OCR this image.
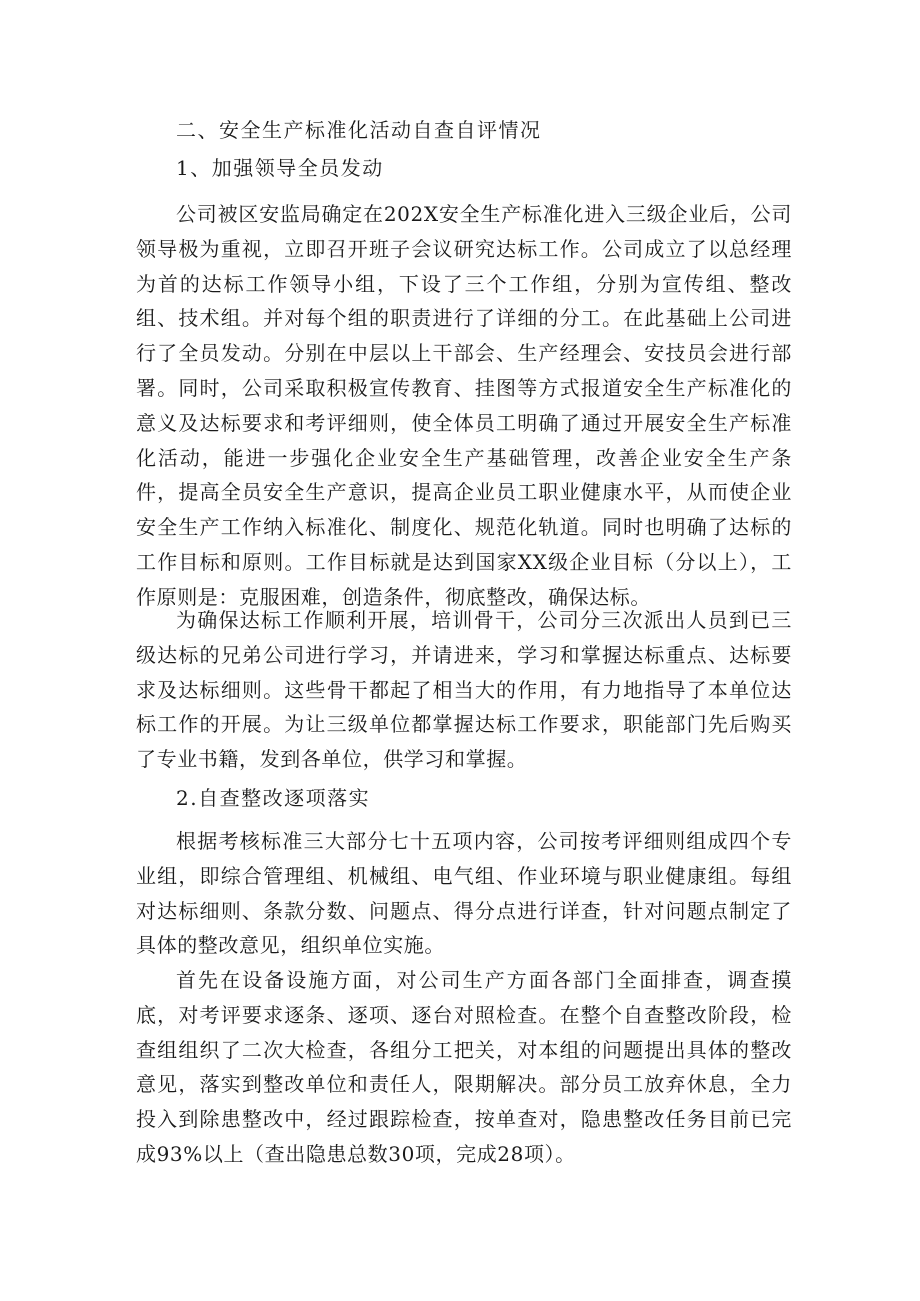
二、安全生产标准化活动自查自评情况
1、加强领导全员发动

公司被区安监局确定在202X安全生产标准化进入三级企业后，公司领导极为重视，立即召开班子会议研究达标工作。公司成立了以总经理为首的达标工作领导小组，下设了三个工作组，分别为宣传组、整改组、技术组。并对每个组的职责进行了详细的分工。在此基础上公司进行了全员发动。分别在中层以上干部会、生产经理会、安技员会进行部署。同时，公司采取积极宣传教育、挂图等方式报道安全生产标准化的意义及达标要求和考评细则，使全体员工明确了通过开展安全生产标准化活动，能进一步强化企业安全生产基础管理，改善企业安全生产条件，提高全员安全生产意识，提高企业员工职业健康水平，从而使企业安全生产工作纳入标准化、制度化、规范化轨道。同时也明确了达标的工作目标和原则。工作目标就是达到国家XX级企业目标（分以上），工作原则是：克服困难，创造条件，彻底整改，确保达标。

为确保达标工作顺利开展，培训骨干，公司分三次派出人员到已三级达标的兄弟公司进行学习，并请进来，学习和掌握达标重点、达标要求及达标细则。这些骨干都起了相当大的作用，有力地指导了本单位达标工作的开展。为让三级单位都掌握达标工作要求，职能部门先后购买了专业书籍，发到各单位，供学习和掌握。

2.自查整改逐项落实

根据考核标准三大部分七十五项内容，公司按考评细则组成四个专业组，即综合管理组、机械组、电气组、作业环境与职业健康组。每组对达标细则、条款分数、问题点、得分点进行详查，针对问题点制定了具体的整改意见，组织单位实施。

首先在设备设施方面，对公司生产方面各部门全面排查，调查摸底，对考评要求逐条、逐项、逐台对照检查。在整个自查整改阶段，检查组组织了二次大检查，各组分工把关，对本组的问题提出具体的整改意见，落实到整改单位和责任人，限期解决。部分员工放弃休息，全力投入到除患整改中，经过跟踪检查，按单查对，隐患整改任务目前已完成93%以上（查出隐患总数30项，完成28项）。
